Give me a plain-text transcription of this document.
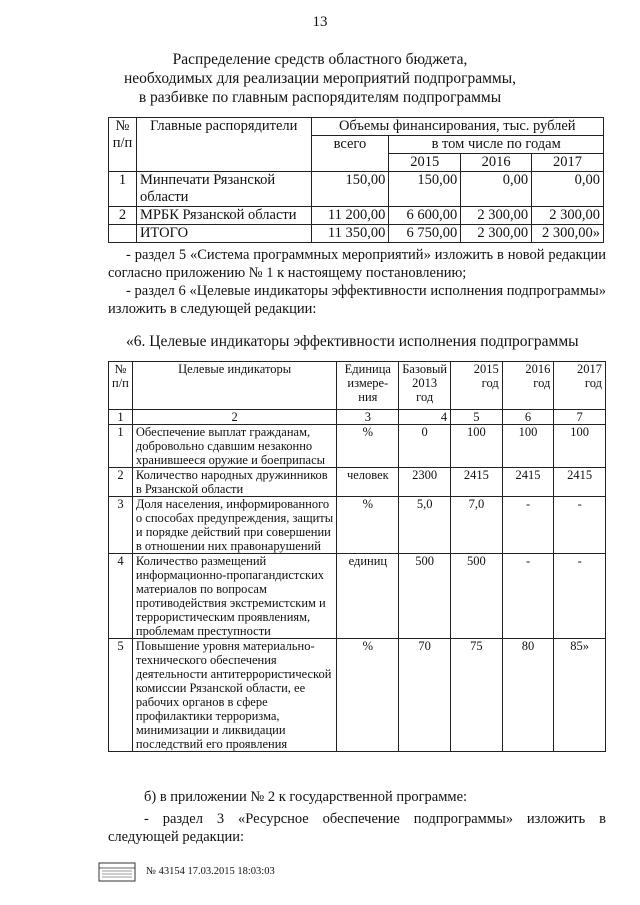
13
Распределение средств областного бюджета,
необходимых для реализации мероприятий подпрограммы,
в разбивке по главным распорядителям подпрограммы
№ п/п	Главные распорядители	Объемы финансирования, тыс. рублей			
		всего	в том числе по годам		
			2015	2016	2017
1	Минпечати Рязанской области	150,00	150,00	0,00	0,00
2	МРБК Рязанской области	11 200,00	6 600,00	2 300,00	2 300,00
	ИТОГО	11 350,00	6 750,00	2 300,00	2 300,00»
- раздел 5 «Система программных мероприятий» изложить в новой редакции согласно приложению № 1 к настоящему постановлению;
- раздел 6 «Целевые индикаторы эффективности исполнения подпрограммы» изложить в следующей редакции:
«6. Целевые индикаторы эффективности исполнения подпрограммы
№ п/п	Целевые индикаторы	Единица измере-ния	Базовый 2013 год	2015 год	2016 год	2017 год
1	2	3	4	5	6	7
1	Обеспечение выплат гражданам, добровольно сдавшим незаконно хранившееся оружие и боеприпасы	%	0	100	100	100
2	Количество народных дружинников в Рязанской области	человек	2300	2415	2415	2415
3	Доля населения, информированного о способах предупреждения, защиты и порядке действий при совершении в отношении них правонарушений	%	5,0	7,0	-	-
4	Количество размещений информационно-пропагандистских материалов по вопросам противодействия экстремистским и террористическим проявлениям, проблемам преступности	единиц	500	500	-	-
5	Повышение уровня материально-технического обеспечения деятельности антитеррористической комиссии Рязанской области, ее рабочих органов в сфере профилактики терроризма, минимизации и ликвидации последствий его проявления	%	70	75	80	85»
б) в приложении № 2 к государственной программе:
- раздел 3 «Ресурсное обеспечение подпрограммы» изложить в следующей редакции:
№ 43154 17.03.2015 18:03:03
